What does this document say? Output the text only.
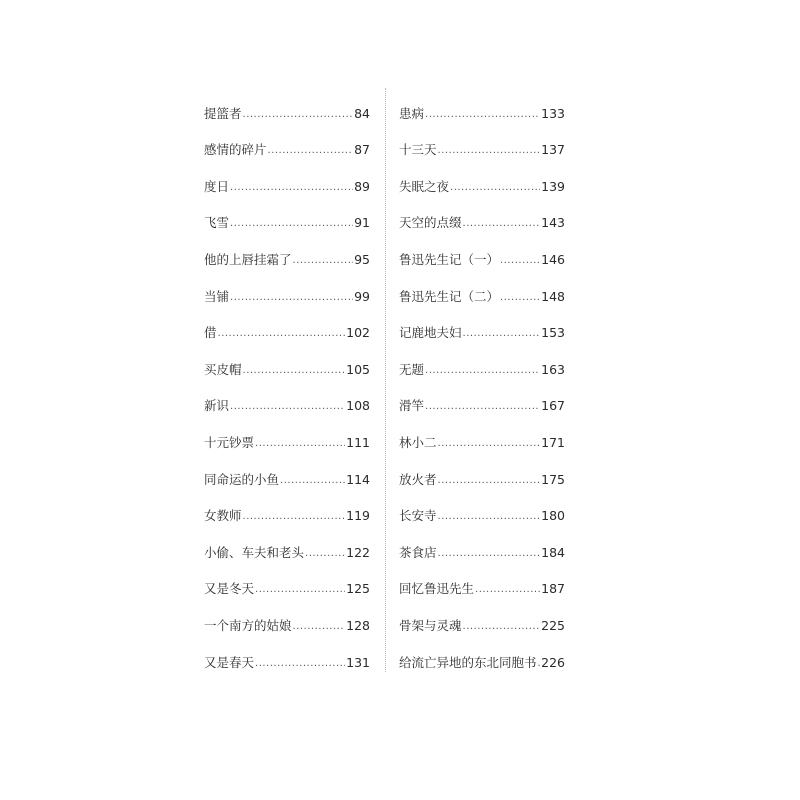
提篮者 .....	84
感情的碎片 .....	87
度日 .....	89
飞雪 .....	91
他的上唇挂霜了 .....	95
当铺 .....	99
借 .....	102
买皮帽 .....	105
新识 .....	108
十元钞票 .....	111
同命运的小鱼 .....	114
女教师 .....	119
小偷、车夫和老头 .....	122
又是冬天 .....	125
一个南方的姑娘 .....	128
又是春天 .....	131
患病 .....	133
十三天 .....	137
失眠之夜 .....	139
天空的点缀 .....	143
鲁迅先生记（一） .....	146
鲁迅先生记（二） .....	148
记鹿地夫妇 .....	153
无题 .....	163
滑竿 .....	167
林小二 .....	171
放火者 .....	175
长安寺 .....	180
茶食店 .....	184
回忆鲁迅先生 .....	187
骨架与灵魂 .....	225
给流亡异地的东北同胞书 ..... 226
